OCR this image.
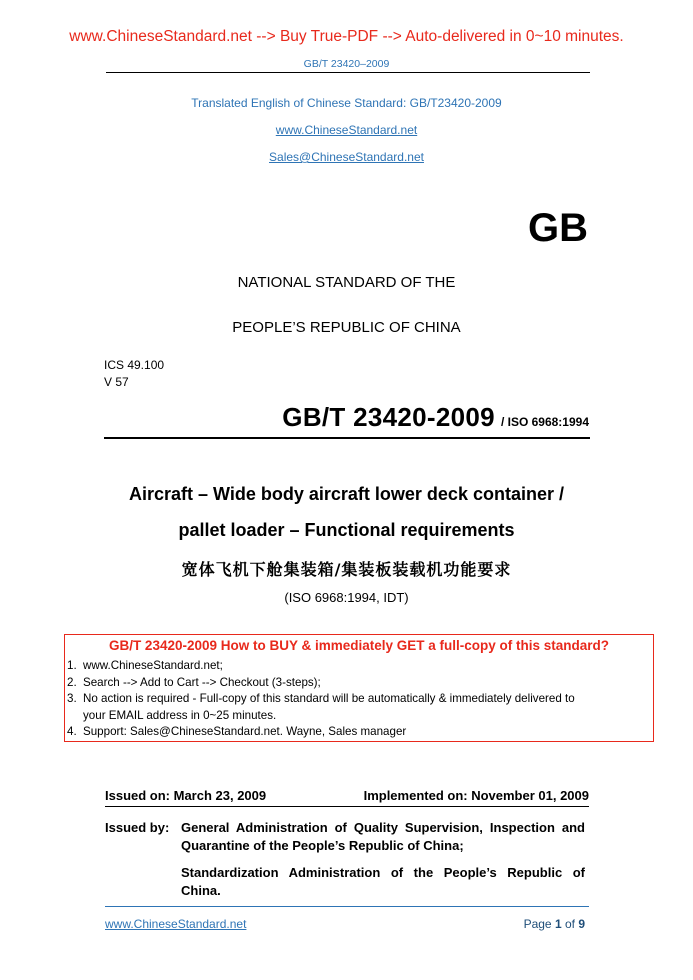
www.ChineseStandard.net --> Buy True-PDF --> Auto-delivered in 0~10 minutes.
GB/T 23420–2009
Translated English of Chinese Standard: GB/T23420-2009
www.ChineseStandard.net
Sales@ChineseStandard.net
GB
NATIONAL STANDARD OF THE
PEOPLE’S REPUBLIC OF CHINA
ICS 49.100
V 57
GB/T 23420-2009 / ISO 6968:1994
Aircraft – Wide body aircraft lower deck container /
pallet loader – Functional requirements
宽体飞机下舱集装箱/集装板装载机功能要求
(ISO 6968:1994, IDT)
GB/T 23420-2009 How to BUY & immediately GET a full-copy of this standard?
1. www.ChineseStandard.net;
2. Search --> Add to Cart --> Checkout (3-steps);
3. No action is required - Full-copy of this standard will be automatically & immediately delivered to
your EMAIL address in 0~25 minutes.
4. Support: Sales@ChineseStandard.net. Wayne, Sales manager
Issued on: March 23, 2009	Implemented on: November 01, 2009
Issued by: General Administration of Quality Supervision, Inspection and Quarantine of the People’s Republic of China;
Standardization Administration of the People’s Republic of China.
www.ChineseStandard.net	Page 1 of 9
